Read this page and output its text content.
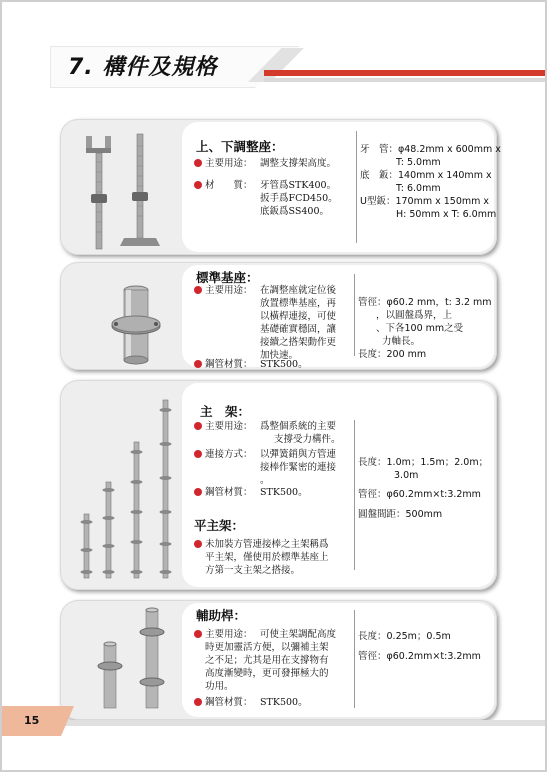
7. 構件及規格
上、下調整座：
主要用途： 調整支撐架高度。
材　　質： 牙管爲STK400。
扳手爲FCD450。
底鈑爲SS400。
牙　管：φ48.2mm x 600mm x
T: 5.0mm
底　鈑：140mm x 140mm x
T: 6.0mm
U型鈑：170mm x 150mm x
H: 50mm x T: 6.0mm
標準基座：
主要用途： 在調整座就定位後
放置標準基座，再
以橫桿連接，可使
基礎確實穩固，讓
接續之搭架動作更
加快速。
鋼管材質： STK500。
管徑：φ60.2 mm，t: 3.2 mm
，以圓盤爲界，上
、下各100 mm之受
力軸長。
長度：200 mm
主　架：
主要用途： 爲整個系統的主要
支撐受力構件。
連接方式： 以彈簧銷與方管連
接棒作緊密的連接
。
鋼管材質： STK500。
平主架：
未加裝方管連接棒之主架稱爲
平主架，僅使用於標準基座上
方第一支主架之搭接。
長度：1.0m；1.5m；2.0m；
3.0m
管徑：φ60.2mm×t:3.2mm
圓盤間距：500mm
輔助桿：
主要用途： 可使主架調配高度
時更加靈活方便，以彌補主架
之不足；尤其是用在支撐物有
高度漸變時，更可發揮極大的
功用。
鋼管材質： STK500。
長度：0.25m；0.5m
管徑：φ60.2mm×t:3.2mm
15
